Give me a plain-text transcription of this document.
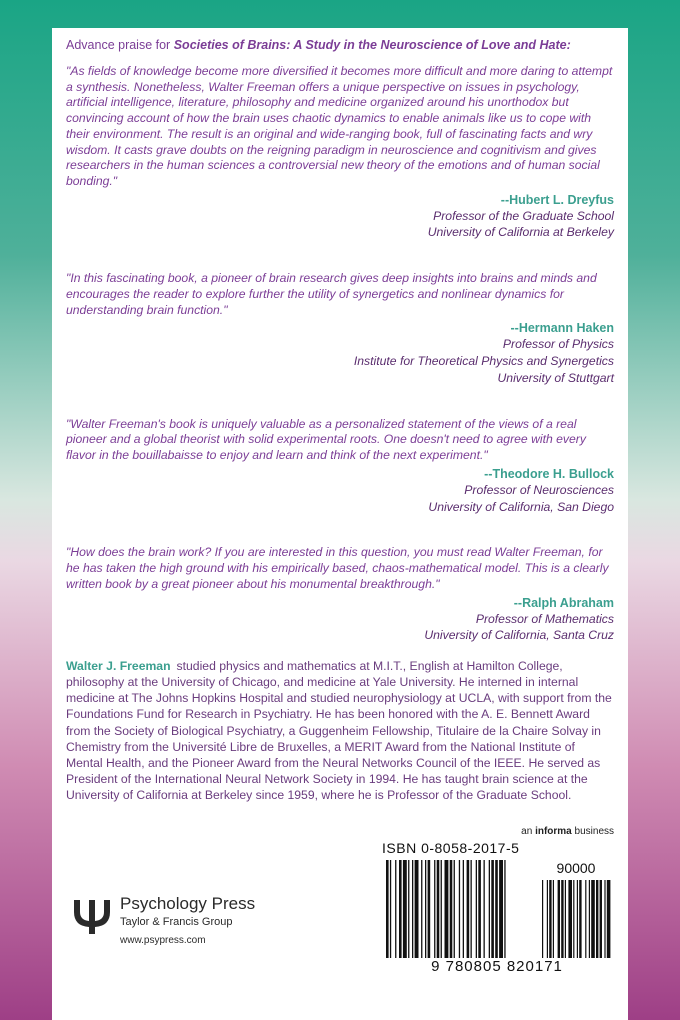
Advance praise for Societies of Brains: A Study in the Neuroscience of Love and Hate:

"As fields of knowledge become more diversified it becomes more difficult and more daring to attempt a synthesis. Nonetheless, Walter Freeman offers a unique perspective on issues in psychology, artificial intelligence, literature, philosophy and medicine organized around his unorthodox but convincing account of how the brain uses chaotic dynamics to enable animals like us to cope with their environment. The result is an original and wide-ranging book, full of fascinating facts and wry wisdom. It casts grave doubts on the reigning paradigm in neuroscience and cognitivism and gives researchers in the human sciences a controversial new theory of the emotions and of human social bonding."

--Hubert L. Dreyfus
Professor of the Graduate School
University of California at Berkeley

"In this fascinating book, a pioneer of brain research gives deep insights into brains and minds and encourages the reader to explore further the utility of synergetics and nonlinear dynamics for understanding brain function."

--Hermann Haken
Professor of Physics
Institute for Theoretical Physics and Synergetics
University of Stuttgart

"Walter Freeman's book is uniquely valuable as a personalized statement of the views of a real pioneer and a global theorist with solid experimental roots. One doesn't need to agree with every flavor in the bouillabaisse to enjoy and learn and think of the next experiment."

--Theodore H. Bullock
Professor of Neurosciences
University of California, San Diego

"How does the brain work? If you are interested in this question, you must read Walter Freeman, for he has taken the high ground with his empirically based, chaos-mathematical model. This is a clearly written book by a great pioneer about his monumental breakthrough."

--Ralph Abraham
Professor of Mathematics
University of California, Santa Cruz
Walter J. Freeman studied physics and mathematics at M.I.T., English at Hamilton College, philosophy at the University of Chicago, and medicine at Yale University. He interned in internal medicine at The Johns Hopkins Hospital and studied neurophysiology at UCLA, with support from the Foundations Fund for Research in Psychiatry. He has been honored with the A. E. Bennett Award from the Society of Biological Psychiatry, a Guggenheim Fellowship, Titulaire de la Chaire Solvay in Chemistry from the Université Libre de Bruxelles, a MERIT Award from the National Institute of Mental Health, and the Pioneer Award from the Neural Networks Council of the IEEE. He served as President of the International Neural Network Society in 1994. He has taught brain science at the University of California at Berkeley since 1959, where he is Professor of the Graduate School.
an informa business
ISBN 0-8058-2017-5
90000
9 780805 820171
Psychology Press
Taylor & Francis Group
www.psypress.com
